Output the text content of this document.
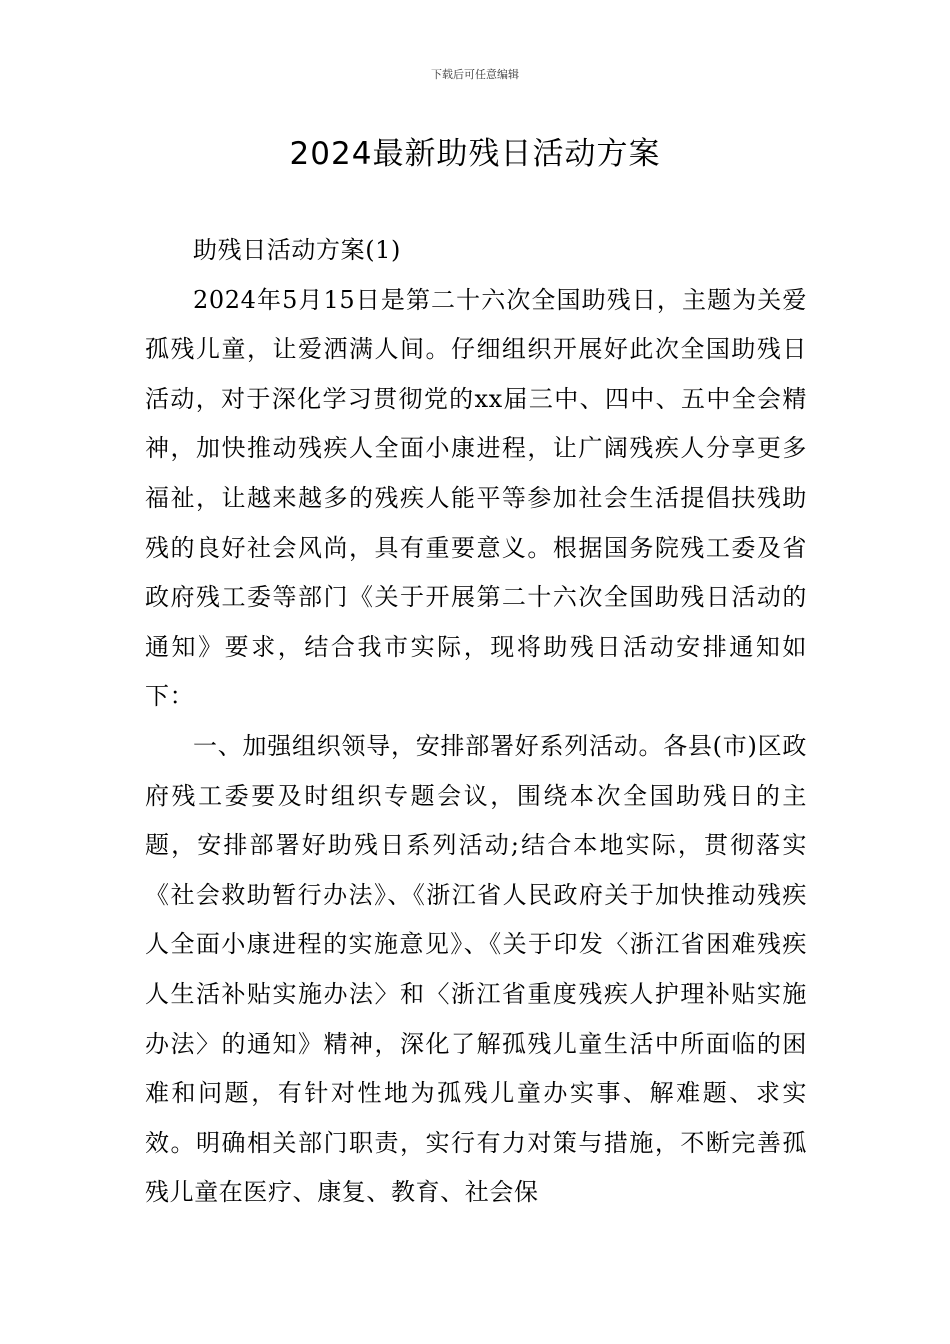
下载后可任意编辑
2024最新助残日活动方案

助残日活动方案(1)

2024年5月15日是第二十六次全国助残日，主题为关爱孤残儿童，让爱洒满人间。仔细组织开展好此次全国助残日活动，对于深化学习贯彻党的xx届三中、四中、五中全会精神，加快推动残疾人全面小康进程，让广阔残疾人分享更多福祉，让越来越多的残疾人能平等参加社会生活提倡扶残助残的良好社会风尚，具有重要意义。根据国务院残工委及省政府残工委等部门《关于开展第二十六次全国助残日活动的通知》要求，结合我市实际，现将助残日活动安排通知如下：

一、加强组织领导，安排部署好系列活动。各县(市)区政府残工委要及时组织专题会议，围绕本次全国助残日的主题，安排部署好助残日系列活动;结合本地实际，贯彻落实《社会救助暂行办法》、《浙江省人民政府关于加快推动残疾人全面小康进程的实施意见》、《关于印发〈浙江省困难残疾人生活补贴实施办法〉和〈浙江省重度残疾人护理补贴实施办法〉的通知》精神，深化了解孤残儿童生活中所面临的困难和问题，有针对性地为孤残儿童办实事、解难题、求实效。明确相关部门职责，实行有力对策与措施，不断完善孤残儿童在医疗、康复、教育、社会保
